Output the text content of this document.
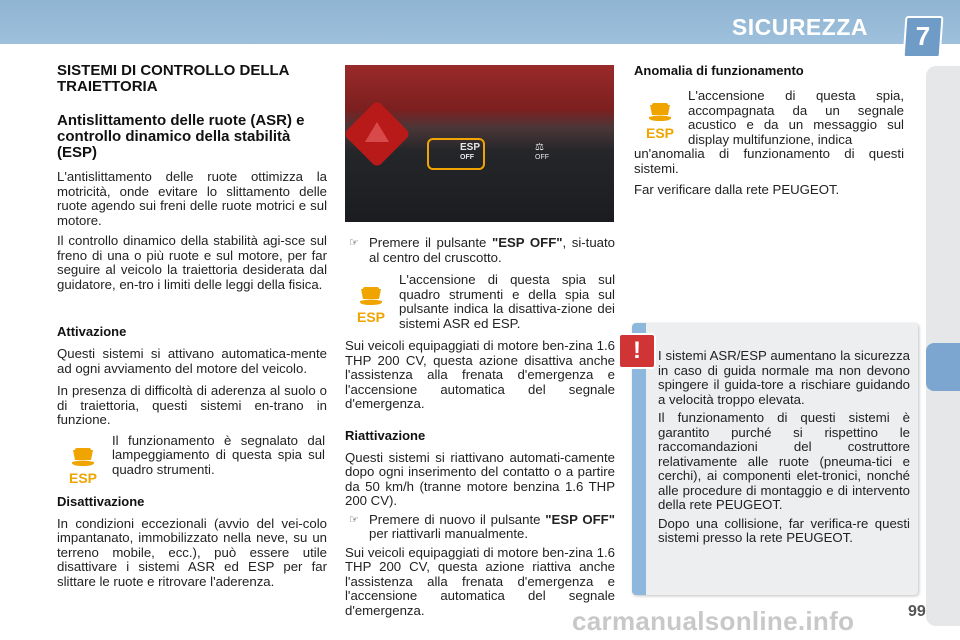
SICUREZZA	7
SISTEMI DI CONTROLLO DELLA TRAIETTORIA
Antislittamento delle ruote (ASR) e controllo dinamico della stabilità (ESP)

L'antislittamento delle ruote ottimizza la motricità, onde evitare lo slittamento delle ruote agendo sui freni delle ruote motrici e sul motore.

Il controllo dinamico della stabilità agi-sce sul freno di una o più ruote e sul motore, per far seguire al veicolo la traiettoria desiderata dal guidatore, en-tro i limiti delle leggi della fisica.

Attivazione

Questi sistemi si attivano automatica-mente ad ogni avviamento del motore del veicolo.

In presenza di difficoltà di aderenza al suolo o di traiettoria, questi sistemi en-trano in funzione.

ESP

Il funzionamento è segnalato dal lampeggiamento di questa spia sul quadro strumenti.

Disattivazione

In condizioni eccezionali (avvio del vei-colo impantanato, immobilizzato nella neve, su un terreno mobile, ecc.), può essere utile disattivare i sistemi ASR ed ESP per far slittare le ruote e ritrovare l'aderenza.

ESP
OFF
⚖
OFF

☞ Premere il pulsante "ESP OFF", si-tuato al centro del cruscotto.

ESP

L'accensione di questa spia sul quadro strumenti e della spia sul pulsante indica la disattiva-zione dei sistemi ASR ed ESP.

Sui veicoli equipaggiati di motore ben-zina 1.6 THP 200 CV, questa azione disattiva anche l'assistenza alla frenata d'emergenza e l'accensione automatica del segnale d'emergenza.

Riattivazione

Questi sistemi si riattivano automati-camente dopo ogni inserimento del contatto o a partire da 50 km/h (tranne motore benzina 1.6 THP 200 CV).

☞ Premere di nuovo il pulsante "ESP OFF" per riattivarli manualmente.

Sui veicoli equipaggiati di motore ben-zina 1.6 THP 200 CV, questa azione riattiva anche l'assistenza alla frenata d'emergenza e l'accensione automatica del segnale d'emergenza.

Anomalia di funzionamento
ESP

L'accensione di questa spia, accompagnata da un segnale acustico e da un messaggio sul display multifunzione, indica

un'anomalia di funzionamento di questi sistemi.

Far verificare dalla rete PEUGEOT.

I sistemi ASR/ESP aumentano la sicurezza in caso di guida normale ma non devono spingere il guida-tore a rischiare guidando a velocità troppo elevata.

Il funzionamento di questi sistemi è garantito purché si rispettino le raccomandazioni del costruttore relativamente alle ruote (pneuma-tici e cerchi), ai componenti elet-tronici, nonché alle procedure di montaggio e di intervento della rete PEUGEOT.

Dopo una collisione, far verifica-re questi sistemi presso la rete PEUGEOT.

!
carmanualsonline.info	99
